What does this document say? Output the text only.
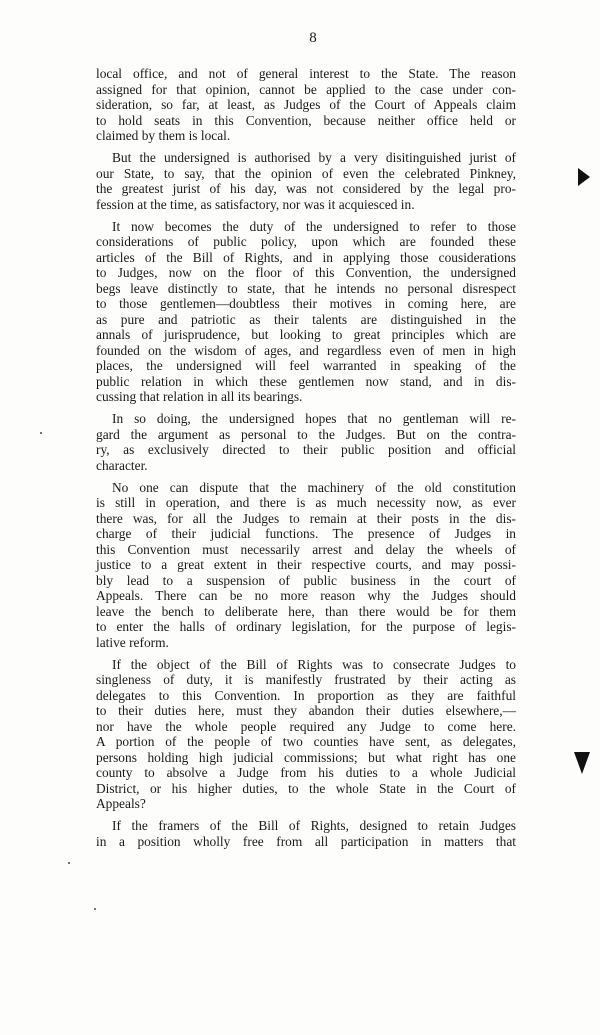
8
local office, and not of general interest to the State. The reason
assigned for that opinion, cannot be applied to the case under con-
sideration, so far, at least, as Judges of the Court of Appeals claim
to hold seats in this Convention, because neither office held or
claimed by them is local.
But the undersigned is authorised by a very disitinguished jurist of
our State, to say, that the opinion of even the celebrated Pinkney,
the greatest jurist of his day, was not considered by the legal pro-
fession at the time, as satisfactory, nor was it acquiesced in.
It now becomes the duty of the undersigned to refer to those
considerations of public policy, upon which are founded these
articles of the Bill of Rights, and in applying those cousiderations
to Judges, now on the floor of this Convention, the undersigned
begs leave distinctly to state, that he intends no personal disrespect
to those gentlemen—doubtless their motives in coming here, are
as pure and patriotic as their talents are distinguished in the
annals of jurisprudence, but looking to great principles which are
founded on the wisdom of ages, and regardless even of men in high
places, the undersigned will feel warranted in speaking of the
public relation in which these gentlemen now stand, and in dis-
cussing that relation in all its bearings.
In so doing, the undersigned hopes that no gentleman will re-
gard the argument as personal to the Judges. But on the contra-
ry, as exclusively directed to their public position and official
character.
No one can dispute that the machinery of the old constitution
is still in operation, and there is as much necessity now, as ever
there was, for all the Judges to remain at their posts in the dis-
charge of their judicial functions. The presence of Judges in
this Convention must necessarily arrest and delay the wheels of
justice to a great extent in their respective courts, and may possi-
bly lead to a suspension of public business in the court of
Appeals. There can be no more reason why the Judges should
leave the bench to deliberate here, than there would be for them
to enter the halls of ordinary legislation, for the purpose of legis-
lative reform.
If the object of the Bill of Rights was to consecrate Judges to
singleness of duty, it is manifestly frustrated by their acting as
delegates to this Convention. In proportion as they are faithful
to their duties here, must they abandon their duties elsewhere,—
nor have the whole people required any Judge to come here.
A portion of the people of two counties have sent, as delegates,
persons holding high judicial commissions; but what right has one
county to absolve a Judge from his duties to a whole Judicial
District, or his higher duties, to the whole State in the Court of
Appeals?
If the framers of the Bill of Rights, designed to retain Judges
in a position wholly free from all participation in matters that
